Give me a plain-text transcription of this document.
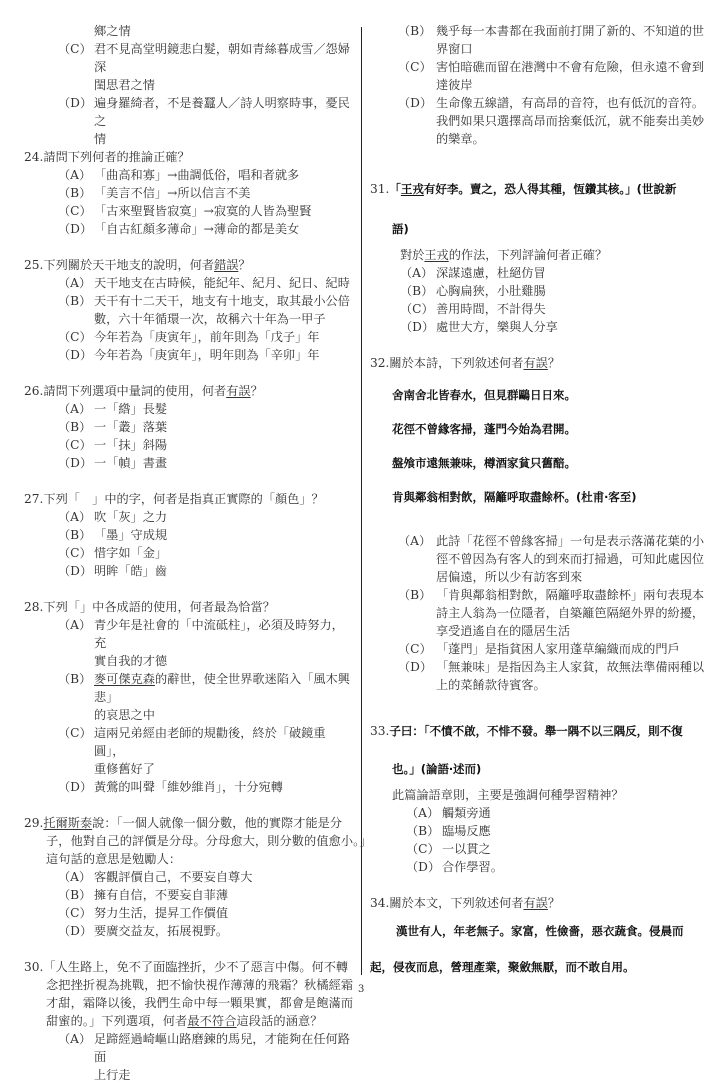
鄉之情
（C） 君不見高堂明鏡悲白髮，朝如青絲暮成雪／怨婦深
閨思君之情
（D） 遍身羅綺者，不是養蠶人／詩人明察時事，憂民之
情
24.請問下列何者的推論正確？
（A） 「曲高和寡」→曲調低俗，唱和者就多
（B） 「美言不信」→所以信言不美
（C） 「古來聖賢皆寂寞」→寂寞的人皆為聖賢
（D） 「自古紅顏多薄命」→薄命的都是美女
25.下列關於天干地支的說明，何者錯誤？
（A） 天干地支在古時候，能紀年、紀月、紀日、紀時
（B） 天干有十二天干，地支有十地支，取其最小公倍
數，六十年循環一次，故稱六十年為一甲子
（C） 今年若為「庚寅年」，前年則為「戊子」年
（D） 今年若為「庚寅年」，明年則為「辛卯」年
26.請問下列選項中量詞的使用，何者有誤？
（A） 一「綹」長髮
（B） 一「叢」落葉
（C） 一「抹」斜陽
（D） 一「幀」書畫
27.下列「　」中的字，何者是指真正實際的「顏色」？
（A） 吹「灰」之力
（B） 「墨」守成規
（C） 惜字如「金」
（D） 明眸「皓」齒
28.下列「」中各成語的使用，何者最為恰當？
（A） 青少年是社會的「中流砥柱」，必須及時努力，充
實自我的才德
（B） 麥可傑克森的辭世，使全世界歌迷陷入「風木興悲」
的哀思之中
（C） 這兩兄弟經由老師的規勸後，終於「破鏡重圓」，
重修舊好了
（D） 黃鶯的叫聲「維妙維肖」，十分宛轉
29.托爾斯泰說：「一個人就像一個分數，他的實際才能是分
子，他對自己的評價是分母。分母愈大，則分數的值愈小。」
這句話的意思是勉勵人：
（A） 客觀評價自己，不要妄自尊大
（B） 擁有自信，不要妄自菲薄
（C） 努力生活，提昇工作價值
（D） 要廣交益友，拓展視野。
30.「人生路上，免不了面臨挫折，少不了惡言中傷。何不轉
念把挫折視為挑戰，把不愉快視作薄薄的飛霜？秋橘經霜
才甜，霜降以後，我們生命中每一顆果實，都會是飽滿而
甜蜜的。」下列選項，何者最不符合這段話的涵意？
（A） 足蹄經過崎嶇山路磨鍊的馬兒，才能夠在任何路面
上行走
（B） 幾乎每一本書都在我面前打開了新的、不知道的世
界窗口
（C） 害怕暗礁而留在港灣中不會有危險，但永遠不會到
達彼岸
（D） 生命像五線譜，有高昂的音符，也有低沉的音符。
我們如果只選擇高昂而捨棄低沉，就不能奏出美妙
的樂章。
31.「王戎有好李。賣之，恐人得其種，恆鑽其核。」(世說新
語)
對於王戎的作法，下列評論何者正確？
（A） 深謀遠慮，杜絕仿冒
（B） 心胸扁狹，小肚雞腸
（C） 善用時間，不計得失
（D） 處世大方，樂與人分享
32.關於本詩，下列敘述何者有誤？
舍南舍北皆春水，但見群鷗日日來。
花徑不曾緣客掃，蓬門今始為君開。
盤飧市遠無兼味，樽酒家貧只舊醅。
肯與鄰翁相對飲，隔籬呼取盡餘杯。(杜甫‧客至)
（A） 此詩「花徑不曾緣客掃」一句是表示落滿花葉的小
徑不曾因為有客人的到來而打掃過，可知此處因位
居偏遠，所以少有訪客到來
（B） 「肯與鄰翁相對飲，隔籬呼取盡餘杯」兩句表現本
詩主人翁為一位隱者，自築籬笆隔絕外界的紛擾，
享受逍遙自在的隱居生活
（C） 「蓬門」是指貧困人家用蓬草編織而成的門戶
（D） 「無兼味」是指因為主人家貧，故無法準備兩種以
上的菜餚款待賓客。
33.子曰：「不憤不啟，不悱不發。舉一隅不以三隅反，則不復
也。」(論語‧述而)
此篇論語章則，主要是強調何種學習精神？
（A） 觸類旁通
（B） 臨場反應
（C） 一以貫之
（D） 合作學習。
34.關於本文，下列敘述何者有誤？
漢世有人，年老無子。家富，性儉嗇，惡衣蔬食。侵晨而
起，侵夜而息，營理產業，聚斂無厭，而不敢自用。
3
